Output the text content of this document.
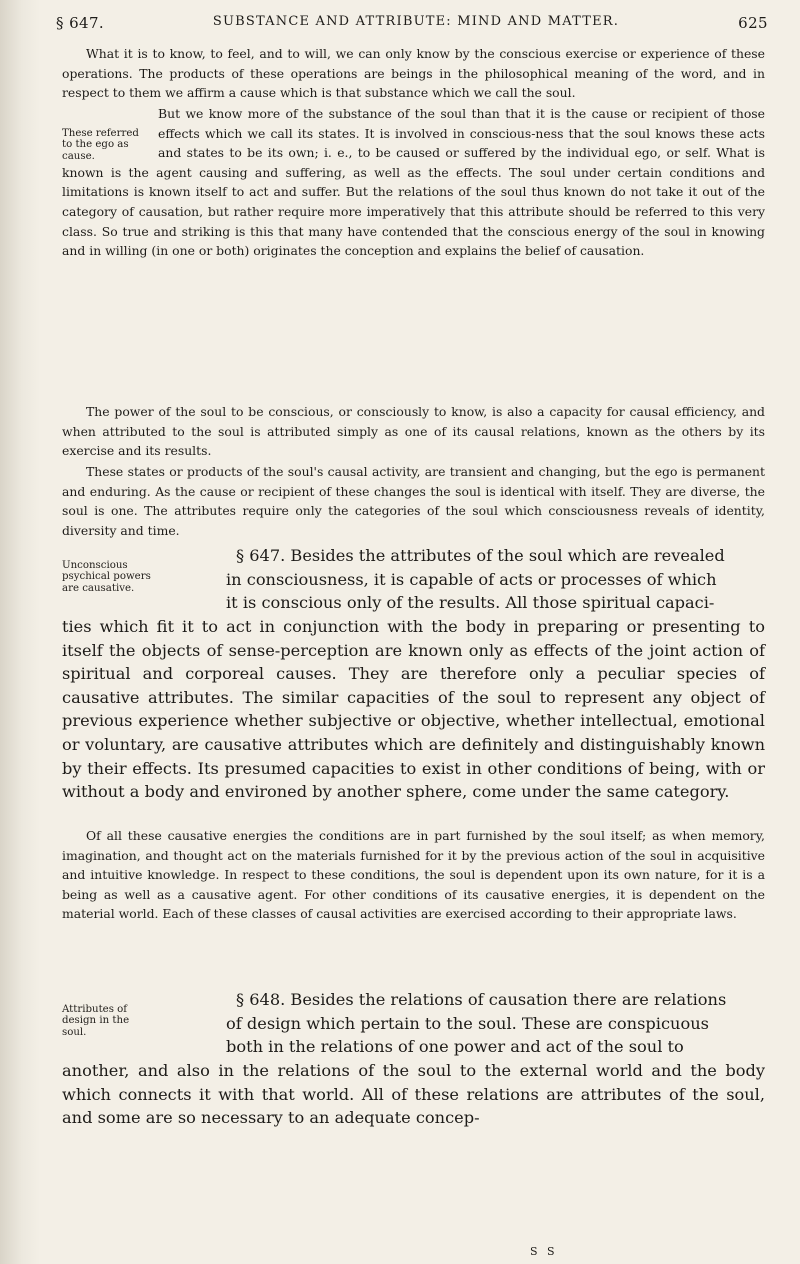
§ 647.	SUBSTANCE AND ATTRIBUTE: MIND AND MATTER.	625

What it is to know, to feel, and to will, we can only know by the conscious exercise or experience of these operations. The products of these operations are beings in the philosophical meaning of the word, and in respect to them we affirm a cause which is that substance which we call the soul.

These referred to the ego as cause.

But we know more of the substance of the soul than that it is the cause or recipient of those effects which we call its states. It is involved in conscious-ness that the soul knows these acts and states to be its own; i. e., to be caused or suffered by the individual ego, or self. What is known is the agent causing and suffering, as well as the effects. The soul under certain conditions and limitations is known itself to act and suffer. But the relations of the soul thus known do not take it out of the category of causation, but rather require more imperatively that this attribute should be referred to this very class. So true and striking is this that many have contended that the conscious energy of the soul in knowing and in willing (in one or both) originates the conception and explains the belief of causation.

The power of the soul to be conscious, or consciously to know, is also a capacity for causal efficiency, and when attributed to the soul is attributed simply as one of its causal relations, known as the others by its exercise and its results.

These states or products of the soul's causal activity, are transient and changing, but the ego is permanent and enduring. As the cause or recipient of these changes the soul is identical with itself. They are diverse, the soul is one. The attributes require only the categories of the soul which consciousness reveals of identity, diversity and time.

Unconscious psychical powers are causative.

§ 647. Besides the attributes of the soul which are revealed

in consciousness, it is capable of acts or processes of which

it is conscious only of the results. All those spiritual capaci-

ties which fit it to act in conjunction with the body in preparing or presenting to itself the objects of sense-perception are known only as effects of the joint action of spiritual and corporeal causes. They are therefore only a peculiar species of causative attributes. The similar capacities of the soul to represent any object of previous experience whether subjective or objective, whether intellectual, emotional or voluntary, are causative attributes which are definitely and distinguishably known by their effects. Its presumed capacities to exist in other conditions of being, with or without a body and environed by another sphere, come under the same category.

Of all these causative energies the conditions are in part furnished by the soul itself; as when memory, imagination, and thought act on the materials furnished for it by the previous action of the soul in acquisitive and intuitive knowledge. In respect to these conditions, the soul is dependent upon its own nature, for it is a being as well as a causative agent. For other conditions of its causative energies, it is dependent on the material world. Each of these classes of causal activities are exercised according to their appropriate laws.

Attributes of design in the soul.

§ 648. Besides the relations of causation there are relations

of design which pertain to the soul. These are conspicuous

both in the relations of one power and act of the soul to

another, and also in the relations of the soul to the external world and the body which connects it with that world. All of these relations are attributes of the soul, and some are so necessary to an adequate concep-

S S
